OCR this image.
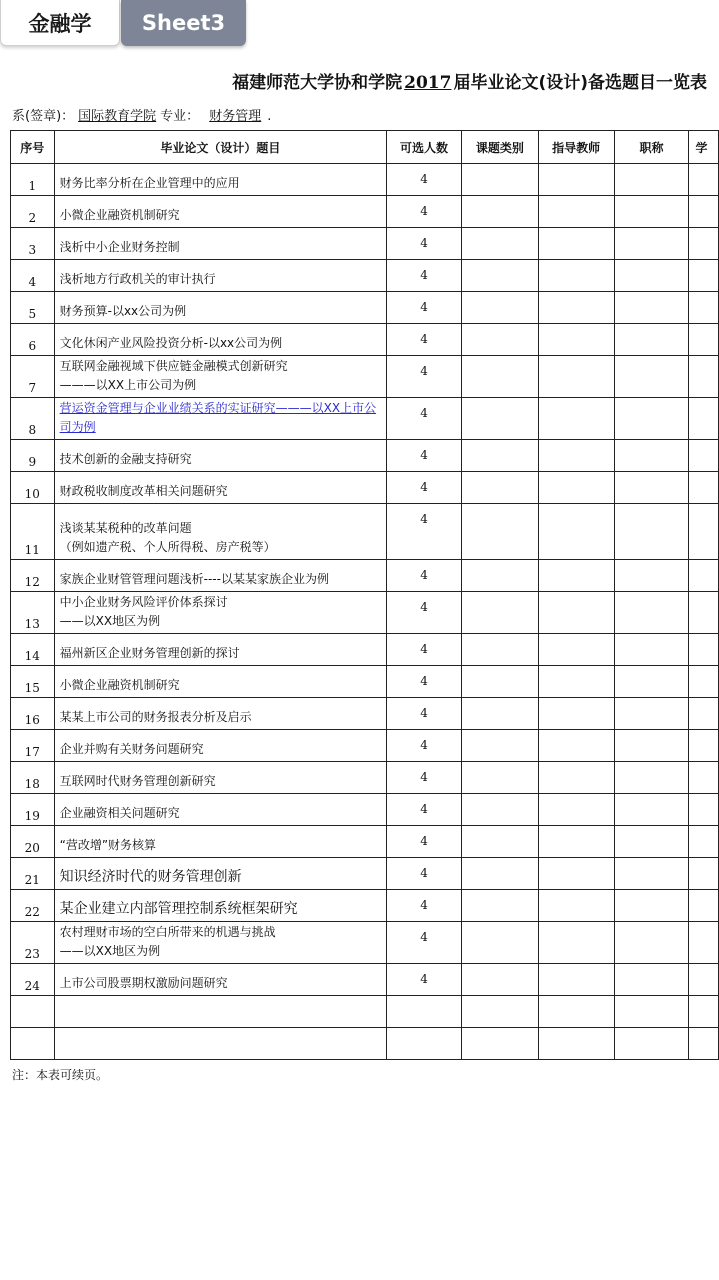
金融学	Sheet3
福建师范大学协和学院 2017 届毕业论文(设计)备选题目一览表
系(签章)： 国际教育学院 专业： 财务管理 .
序号	毕业论文（设计）题目	可选人数	课题类别	指导教师	职称	学
1	财务比率分析在企业管理中的应用	4				
2	小微企业融资机制研究	4				
3	浅析中小企业财务控制	4				
4	浅析地方行政机关的审计执行	4				
5	财务预算-以xx公司为例	4				
6	文化休闲产业风险投资分析-以xx公司为例	4				
7	互联网金融视域下供应链金融模式创新研究
———以XX上市公司为例	4				
8	营运资金管理与企业业绩关系的实证研究———以XX上市公司为例	4				
9	技术创新的金融支持研究	4				
10	财政税收制度改革相关问题研究	4				
11	浅谈某某税种的改革问题
（例如遗产税、个人所得税、房产税等）	4				
12	家族企业财管管理问题浅析----以某某家族企业为例	4				
13	中小企业财务风险评价体系探讨
——以XX地区为例	4				
14	福州新区企业财务管理创新的探讨	4				
15	小微企业融资机制研究	4				
16	某某上市公司的财务报表分析及启示	4				
17	企业并购有关财务问题研究	4				
18	互联网时代财务管理创新研究	4				
19	企业融资相关问题研究	4				
20	“营改增”财务核算	4				
21	知识经济时代的财务管理创新	4				
22	某企业建立内部管理控制系统框架研究	4				
23	农村理财市场的空白所带来的机遇与挑战
——以XX地区为例	4				
24	上市公司股票期权激励问题研究	4				

注：本表可续页。
